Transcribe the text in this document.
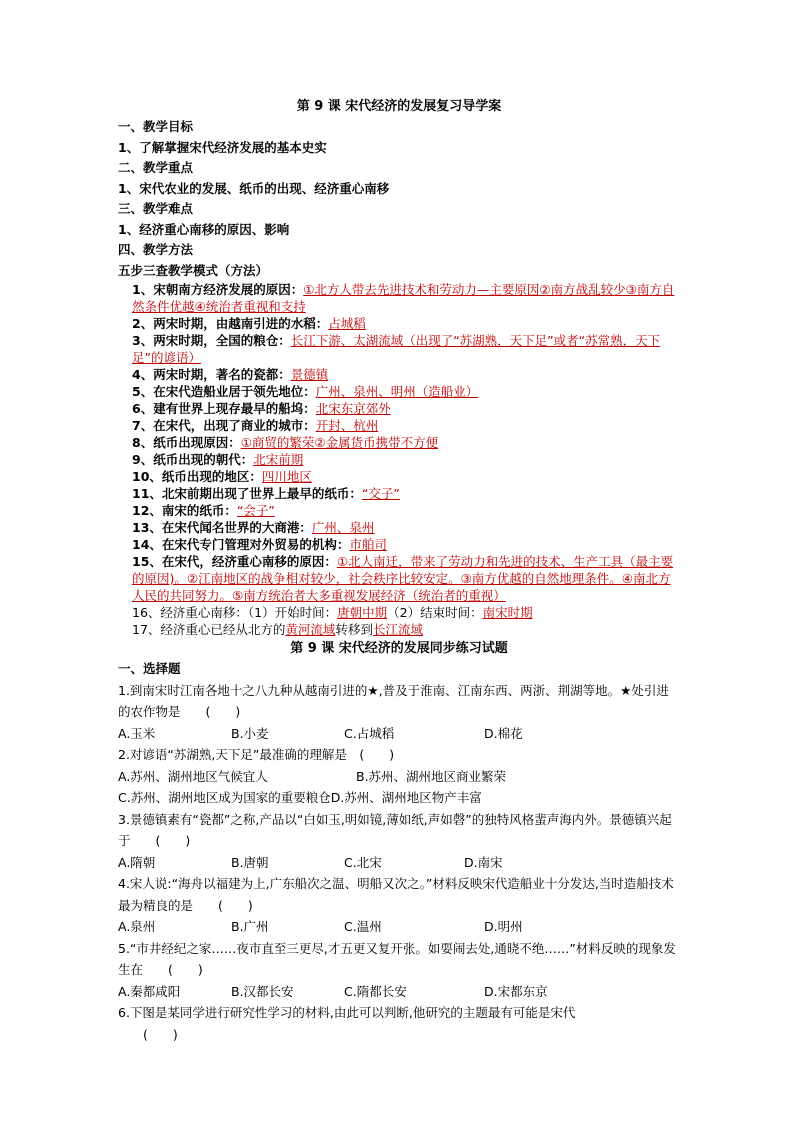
第 9 课 宋代经济的发展复习导学案

一、教学目标

1、了解掌握宋代经济发展的基本史实

二、教学重点

1、宋代农业的发展、纸币的出现、经济重心南移

三、教学难点

1、经济重心南移的原因、影响

四、教学方法

五步三查教学模式（方法）

1、宋朝南方经济发展的原因：①北方人带去先进技术和劳动力—主要原因②南方战乱较少③南方自然条件优越④统治者重视和支持

2、两宋时期，由越南引进的水稻：占城稻

3、两宋时期，全国的粮仓：长江下游、太湖流域（出现了“苏湖熟，天下足”或者“苏常熟，天下足”的谚语）

4、两宋时期，著名的瓷都：景德镇

5、在宋代造船业居于领先地位：广州、泉州、明州（造船业）

6、建有世界上现存最早的船坞：北宋东京郊外

7、在宋代，出现了商业的城市：开封、杭州

8、纸币出现原因：①商贸的繁荣②金属货币携带不方便

9、纸币出现的朝代：北宋前期

10、纸币出现的地区：四川地区

11、北宋前期出现了世界上最早的纸币：“交子”

12、南宋的纸币：“会子”

13、在宋代闻名世界的大商港：广州、泉州

14、在宋代专门管理对外贸易的机构：市舶司

15、在宋代，经济重心南移的原因：①北人南迁，带来了劳动力和先进的技术、生产工具（最主要的原因)。②江南地区的战争相对较少，社会秩序比较安定。③南方优越的自然地理条件。④南北方人民的共同努力。⑤南方统治者大多重视发展经济（统治者的重视）

16、经济重心南移：（1）开始时间：唐朝中期（2）结束时间：南宋时期

17、经济重心已经从北方的黄河流域转移到长江流域

第 9 课 宋代经济的发展同步练习试题

一、选择题

1.到南宋时江南各地十之八九种从越南引进的★,普及于淮南、江南东西、两浙、荆湖等地。★处引进的农作物是　　(　　)

A.玉米	B.小麦	C.占城稻	D.棉花

2.对谚语“苏湖熟,天下足”最准确的理解是　(　　)

A.苏州、湖州地区气候宜人	B.苏州、湖州地区商业繁荣

C.苏州、湖州地区成为国家的重要粮仓D.苏州、湖州地区物产丰富

3.景德镇素有“瓷都”之称,产品以“白如玉,明如镜,薄如纸,声如磬”的独特风格蜚声海内外。景德镇兴起于　　(　　)

A.隋朝	B.唐朝	C.北宋	D.南宋

4.宋人说:“海舟以福建为上,广东船次之温、明船又次之。”材料反映宋代造船业十分发达,当时造船技术最为精良的是　　(　　)

A.泉州	B.广州	C.温州	D.明州

5.“市井经纪之家……夜市直至三更尽,才五更又复开张。如耍闹去处,通晓不绝……”材料反映的现象发生在　　(　　)

A.秦都咸阳	B.汉都长安	C.隋都长安	D.宋都东京

6.下图是某同学进行研究性学习的材料,由此可以判断,他研究的主题最有可能是宋代

　　(　　)
